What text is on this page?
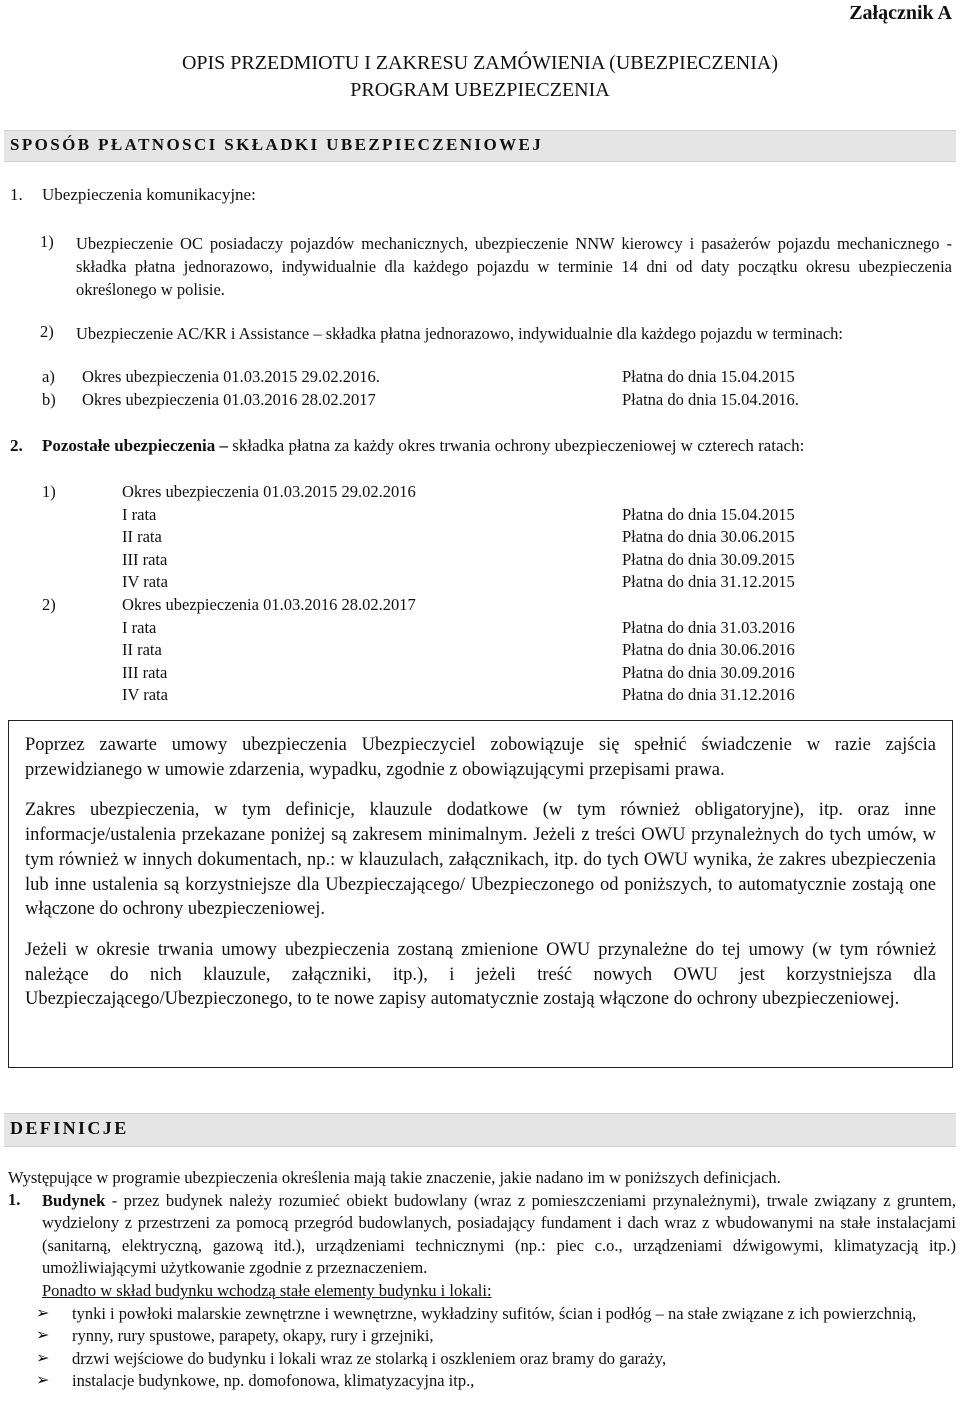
Załącznik A
OPIS PRZEDMIOTU I ZAKRESU ZAMÓWIENIA (UBEZPIECZENIA)
PROGRAM UBEZPIECZENIA
SPOSÓB PŁATNOSCI SKŁADKI UBEZPIECZENIOWEJ
1. Ubezpieczenia komunikacyjne:
1) Ubezpieczenie OC posiadaczy pojazdów mechanicznych, ubezpieczenie NNW kierowcy i pasażerów pojazdu mechanicznego - składka płatna jednorazowo, indywidualnie dla każdego pojazdu w terminie 14 dni od daty początku okresu ubezpieczenia określonego w polisie.
2) Ubezpieczenie AC/KR i Assistance – składka płatna jednorazowo, indywidualnie dla każdego pojazdu w terminach:
a) Okres ubezpieczenia 01.03.2015 29.02.2016.	Płatna do dnia 15.04.2015
b) Okres ubezpieczenia 01.03.2016 28.02.2017	Płatna do dnia 15.04.2016.
2. Pozostałe ubezpieczenia – składka płatna za każdy okres trwania ochrony ubezpieczeniowej w czterech ratach:
1)	Okres ubezpieczenia 01.03.2015 29.02.2016
I rata	Płatna do dnia 15.04.2015
II rata	Płatna do dnia 30.06.2015
III rata	Płatna do dnia 30.09.2015
IV rata	Płatna do dnia 31.12.2015
2)	Okres ubezpieczenia 01.03.2016 28.02.2017
I rata	Płatna do dnia 31.03.2016
II rata	Płatna do dnia 30.06.2016
III rata	Płatna do dnia 30.09.2016
IV rata	Płatna do dnia 31.12.2016

Poprzez zawarte umowy ubezpieczenia Ubezpieczyciel zobowiązuje się spełnić świadczenie w razie zajścia przewidzianego w umowie zdarzenia, wypadku, zgodnie z obowiązującymi przepisami prawa.

Zakres ubezpieczenia, w tym definicje, klauzule dodatkowe (w tym również obligatoryjne), itp. oraz inne informacje/ustalenia przekazane poniżej są zakresem minimalnym. Jeżeli z treści OWU przynależnych do tych umów, w tym również w innych dokumentach, np.: w klauzulach, załącznikach, itp. do tych OWU wynika, że zakres ubezpieczenia lub inne ustalenia są korzystniejsze dla Ubezpieczającego/ Ubezpieczonego od poniższych, to automatycznie zostają one włączone do ochrony ubezpieczeniowej.

Jeżeli w okresie trwania umowy ubezpieczenia zostaną zmienione OWU przynależne do tej umowy (w tym również należące do nich klauzule, załączniki, itp.), i jeżeli treść nowych OWU jest korzystniejsza dla Ubezpieczającego/Ubezpieczonego, to te nowe zapisy automatycznie zostają włączone do ochrony ubezpieczeniowej.

DEFINICJE
Występujące w programie ubezpieczenia określenia mają takie znaczenie, jakie nadano im w poniższych definicjach.
1. Budynek - przez budynek należy rozumieć obiekt budowlany (wraz z pomieszczeniami przynależnymi), trwale związany z gruntem, wydzielony z przestrzeni za pomocą przegród budowlanych, posiadający fundament i dach wraz z wbudowanymi na stałe instalacjami (sanitarną, elektryczną, gazową itd.), urządzeniami technicznymi (np.: piec c.o., urządzeniami dźwigowymi, klimatyzacją itp.) umożliwiającymi użytkowanie zgodnie z przeznaczeniem.
Ponadto w skład budynku wchodzą stałe elementy budynku i lokali:
➢ tynki i powłoki malarskie zewnętrzne i wewnętrzne, wykładziny sufitów, ścian i podłóg – na stałe związane z ich powierzchnią,
➢ rynny, rury spustowe, parapety, okapy, rury i grzejniki,
➢ drzwi wejściowe do budynku i lokali wraz ze stolarką i oszkleniem oraz bramy do garaży,
➢ instalacje budynkowe, np. domofonowa, klimatyzacyjna itp.,
